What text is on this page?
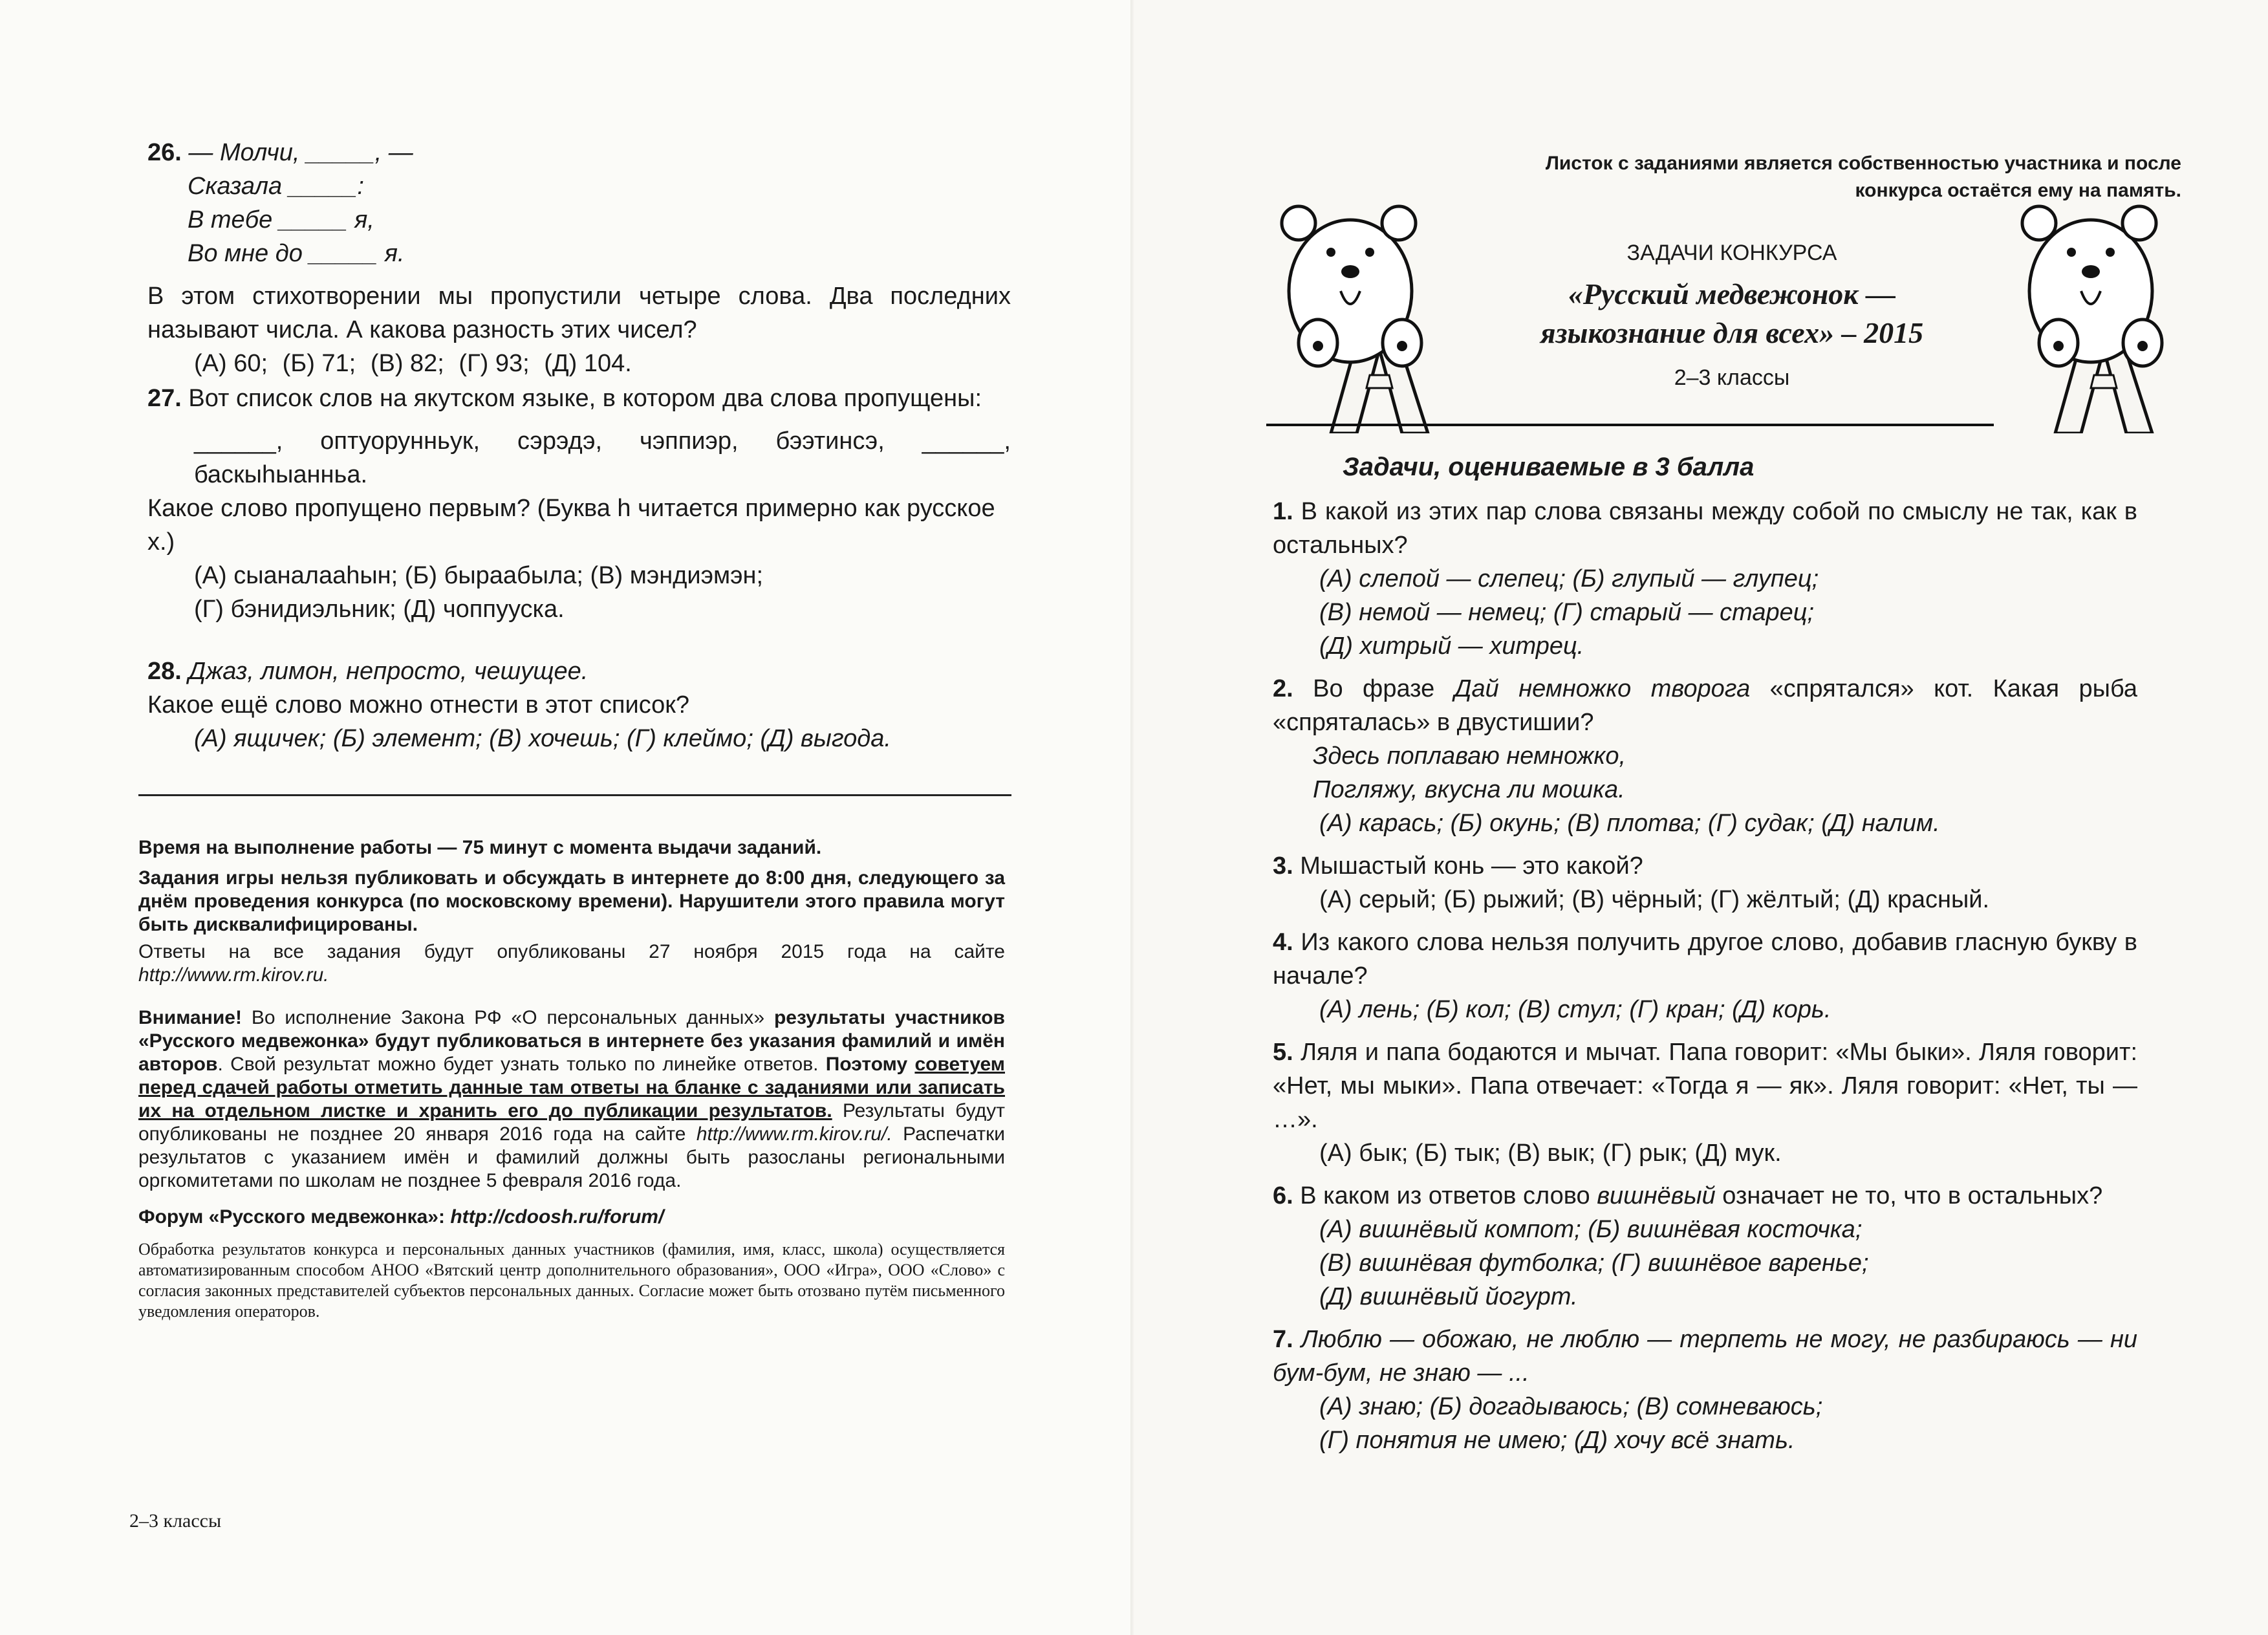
26. — Молчи, _____, —
Сказала _____:
В тебе _____ я,
Во мне до _____ я.

В этом стихотворении мы пропустили четыре слова. Два последних называют числа. А какова разность этих чисел?

(А) 60; (Б) 71; (В) 82; (Г) 93; (Д) 104.

27. Вот список слов на якутском языке, в котором два слова пропущены:

______, оптуорунньук, сэрэдэ, чэппиэр, бээтинсэ, ______, баскыhыанньа.

Какое слово пропущено первым? (Буква h читается примерно как русское х.)

(А) сыаналааhын; (Б) быраабыла; (В) мэндиэмэн;

(Г) бэнидиэльник; (Д) чоппууска.

28. Джаз, лимон, непросто, чешущее.

Какое ещё слово можно отнести в этот список?

(А) ящичек; (Б) элемент; (В) хочешь; (Г) клеймо; (Д) выгода.

Время на выполнение работы — 75 минут с момента выдачи заданий.

Задания игры нельзя публиковать и обсуждать в интернете до 8:00 дня, следующего за днём проведения конкурса (по московскому времени). Нарушители этого правила могут быть дисквалифицированы.

Ответы на все задания будут опубликованы 27 ноября 2015 года на сайте http://www.rm.kirov.ru.

Внимание! Во исполнение Закона РФ «О персональных данных» результаты участников «Русского медвежонка» будут публиковаться в интернете без указания фамилий и имён авторов. Свой результат можно будет узнать только по линейке ответов. Поэтому советуем перед сдачей работы отметить данные там ответы на бланке с заданиями или записать их на отдельном листке и хранить его до публикации результатов. Результаты будут опубликованы не позднее 20 января 2016 года на сайте http://www.rm.kirov.ru/. Распечатки результатов с указанием имён и фамилий должны быть разосланы региональными оргкомитетами по школам не позднее 5 февраля 2016 года.

Форум «Русского медвежонка»: http://cdoosh.ru/forum/

Обработка результатов конкурса и персональных данных участников (фамилия, имя, класс, школа) осуществляется автоматизированным способом АНОО «Вятский центр дополнительного образования», ООО «Игра», ООО «Слово» с согласия законных представителей субъектов персональных данных. Согласие может быть отозвано путём письменного уведомления операторов.

2–3 классы
Листок с заданиями является собственностью участника и после конкурса остаётся ему на память.
ЗАДАЧИ КОНКУРСА
«Русский медвежонок —
языкознание для всех» – 2015
2–3 классы
Задачи, оцениваемые в 3 балла

1. В какой из этих пар слова связаны между собой по смыслу не так, как в остальных?

(А) слепой — слепец; (Б) глупый — глупец;

(В) немой — немец; (Г) старый — старец;

(Д) хитрый — хитрец.

2. Во фразе Дай немножко творога «спрятался» кот. Какая рыба «спряталась» в двустишии?

Здесь поплаваю немножко,

Погляжу, вкусна ли мошка.

(А) карась; (Б) окунь; (В) плотва; (Г) судак; (Д) налим.

3. Мышастый конь — это какой?

(А) серый; (Б) рыжий; (В) чёрный; (Г) жёлтый; (Д) красный.

4. Из какого слова нельзя получить другое слово, добавив гласную букву в начале?

(А) лень; (Б) кол; (В) стул; (Г) кран; (Д) корь.

5. Ляля и папа бодаются и мычат. Папа говорит: «Мы быки». Ляля говорит: «Нет, мы мыки». Папа отвечает: «Тогда я — як». Ляля говорит: «Нет, ты — …».

(А) бык; (Б) тык; (В) вык; (Г) рык; (Д) мук.

6. В каком из ответов слово вишнёвый означает не то, что в остальных?

(А) вишнёвый компот; (Б) вишнёвая косточка;

(В) вишнёвая футболка; (Г) вишнёвое варенье;

(Д) вишнёвый йогурт.

7. Люблю — обожаю, не люблю — терпеть не могу, не разбираюсь — ни бум-бум, не знаю — ...

(А) знаю; (Б) догадываюсь; (В) сомневаюсь;

(Г) понятия не имею; (Д) хочу всё знать.
